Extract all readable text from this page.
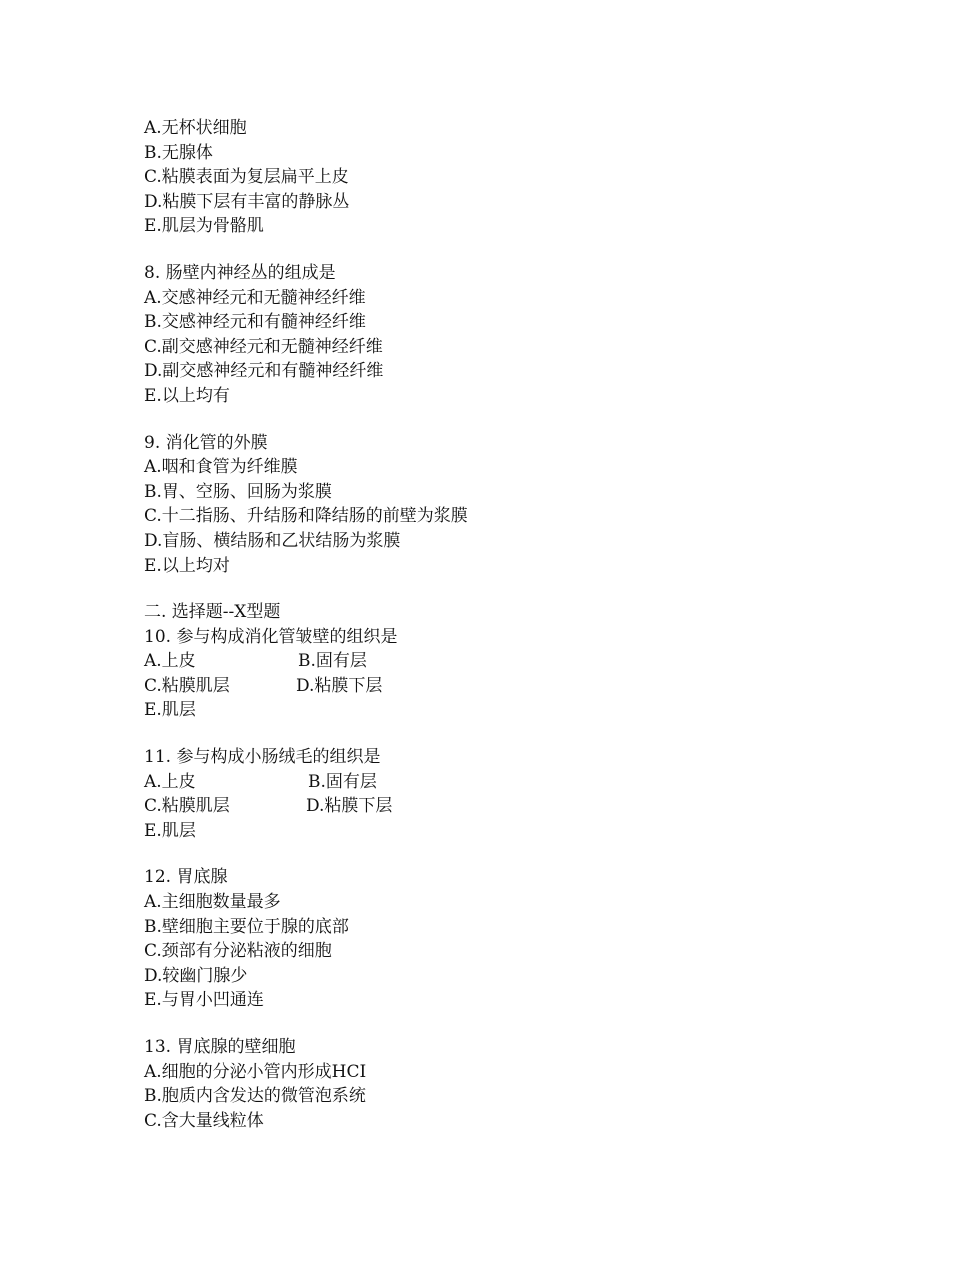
A.无杯状细胞
B.无腺体
C.粘膜表面为复层扁平上皮
D.粘膜下层有丰富的静脉丛
E.肌层为骨骼肌
8. 肠壁内神经丛的组成是
A.交感神经元和无髓神经纤维
B.交感神经元和有髓神经纤维
C.副交感神经元和无髓神经纤维
D.副交感神经元和有髓神经纤维
E.以上均有
9. 消化管的外膜
A.咽和食管为纤维膜
B.胃、空肠、回肠为浆膜
C.十二指肠、升结肠和降结肠的前壁为浆膜
D.盲肠、横结肠和乙状结肠为浆膜
E.以上均对
二. 选择题--X型题
10. 参与构成消化管皱壁的组织是
A.上皮	B.固有层
C.粘膜肌层	D.粘膜下层
E.肌层
11. 参与构成小肠绒毛的组织是
A.上皮	B.固有层
C.粘膜肌层	D.粘膜下层
E.肌层
12. 胃底腺
A.主细胞数量最多
B.壁细胞主要位于腺的底部
C.颈部有分泌粘液的细胞
D.较幽门腺少
E.与胃小凹通连
13. 胃底腺的壁细胞
A.细胞的分泌小管内形成HCI
B.胞质内含发达的微管泡系统
C.含大量线粒体
